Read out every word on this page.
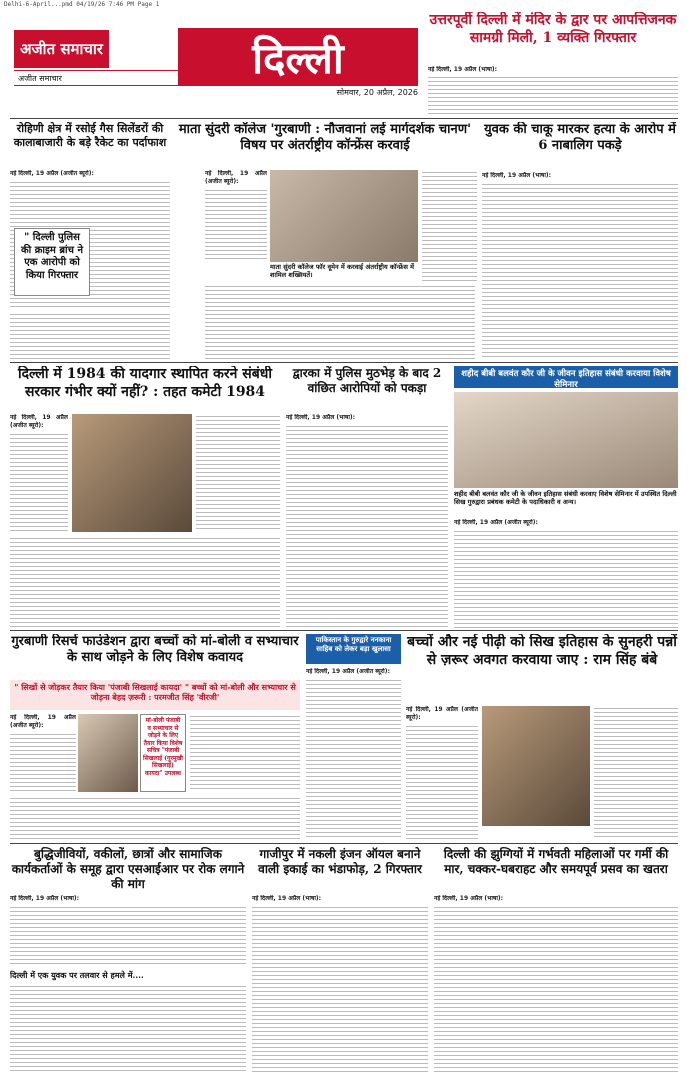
Delhi-6-April...pmd 04/19/26 7:46 PM Page 1
अजीत समाचार
अजीत समाचार	दिल्ली
सोमवार, 20 अप्रैल, 2026
उत्तरपूर्वी दिल्ली में मंदिर के द्वार पर आपत्तिजनक सामग्री मिली, 1 व्यक्ति गिरफ्तार
नई दिल्ली, 19 अप्रैल (भाषा):
रोहिणी क्षेत्र में रसोई गैस सिलेंडरों की कालाबाजारी के बड़े रैकेट का पर्दाफाश
नई दिल्ली, 19 अप्रैल (अजीत ब्यूरो):
" दिल्ली पुलिस की क्राइम ब्रांच ने एक आरोपी को किया गिरफ्तार
माता सुंदरी कॉलेज 'गुरबाणी : नौजवानां लई मार्गदर्शक चानण' विषय पर अंतर्राष्ट्रीय कॉन्फ्रेंस करवाई
नई दिल्ली, 19 अप्रैल (अजीत ब्यूरो):
माता सुंदरी कॉलेज फॉर वूमेन में करवाई अंतर्राष्ट्रीय कॉन्फ्रेंस में शामिल शख्सियतें।
युवक की चाकू मारकर हत्या के आरोप में 6 नाबालिग पकड़े
नई दिल्ली, 19 अप्रैल (भाषा):
दिल्ली में 1984 की यादगार स्थापित करने संबंधी सरकार गंभीर क्यों नहीं? : तहत कमेटी 1984
नई दिल्ली, 19 अप्रैल (अजीत ब्यूरो):
द्वारका में पुलिस मुठभेड़ के बाद 2 वांछित आरोपियों को पकड़ा
नई दिल्ली, 19 अप्रैल (भाषा):
शहीद बीबी बलवंत कौर जी के जीवन इतिहास संबंधी करवाया विशेष सेमिनार
शहीद बीबी बलवंत कौर जी के जीवन इतिहास संबंधी करवाए विशेष सेमिनार में उपस्थित दिल्ली सिख गुरुद्वारा प्रबंधक कमेटी के पदाधिकारी व अन्य।
नई दिल्ली, 19 अप्रैल (अजीत ब्यूरो):
गुरबाणी रिसर्च फाउंडेशन द्वारा बच्चों को मां-बोली व सभ्याचार के साथ जोड़ने के लिए विशेष कवायद
" सिखों से जोड़कर तैयार किया 'पंजाबी सिखलाई कायदा' " बच्चों को मां-बोली और सभ्याचार से जोड़ना बेहद ज़रूरी : परमजीत सिंह 'वीरजी'
नई दिल्ली, 19 अप्रैल (अजीत ब्यूरो):
मां-बोली पंजाबी व सभ्याचार से जोड़ने के लिए तैयार किया विशेष सचित्र "पंजाबी सिखलाई (गुरमुखी सिखलाई) कायदा" उपलब्ध
पाकिस्तान के गुरुद्वारे ननकाना साहिब को लेकर बड़ा खुलासा
नई दिल्ली, 19 अप्रैल (अजीत ब्यूरो):
बच्चों और नई पीढ़ी को सिख इतिहास के सुनहरी पन्नों से ज़रूर अवगत करवाया जाए : राम सिंह बंबे
नई दिल्ली, 19 अप्रैल (अजीत ब्यूरो):
बुद्धिजीवियों, वकीलों, छात्रों और सामाजिक कार्यकर्ताओं के समूह द्वारा एसआईआर पर रोक लगाने की मांग
नई दिल्ली, 19 अप्रैल (भाषा):
दिल्ली में एक युवक पर तलवार से हमले में....
गाजीपुर में नकली इंजन ऑयल बनाने वाली इकाई का भंडाफोड़, 2 गिरफ्तार
नई दिल्ली, 19 अप्रैल (भाषा):
दिल्ली की झुग्गियों में गर्भवती महिलाओं पर गर्मी की मार, चक्कर-घबराहट और समयपूर्व प्रसव का खतरा
नई दिल्ली, 19 अप्रैल (भाषा):
